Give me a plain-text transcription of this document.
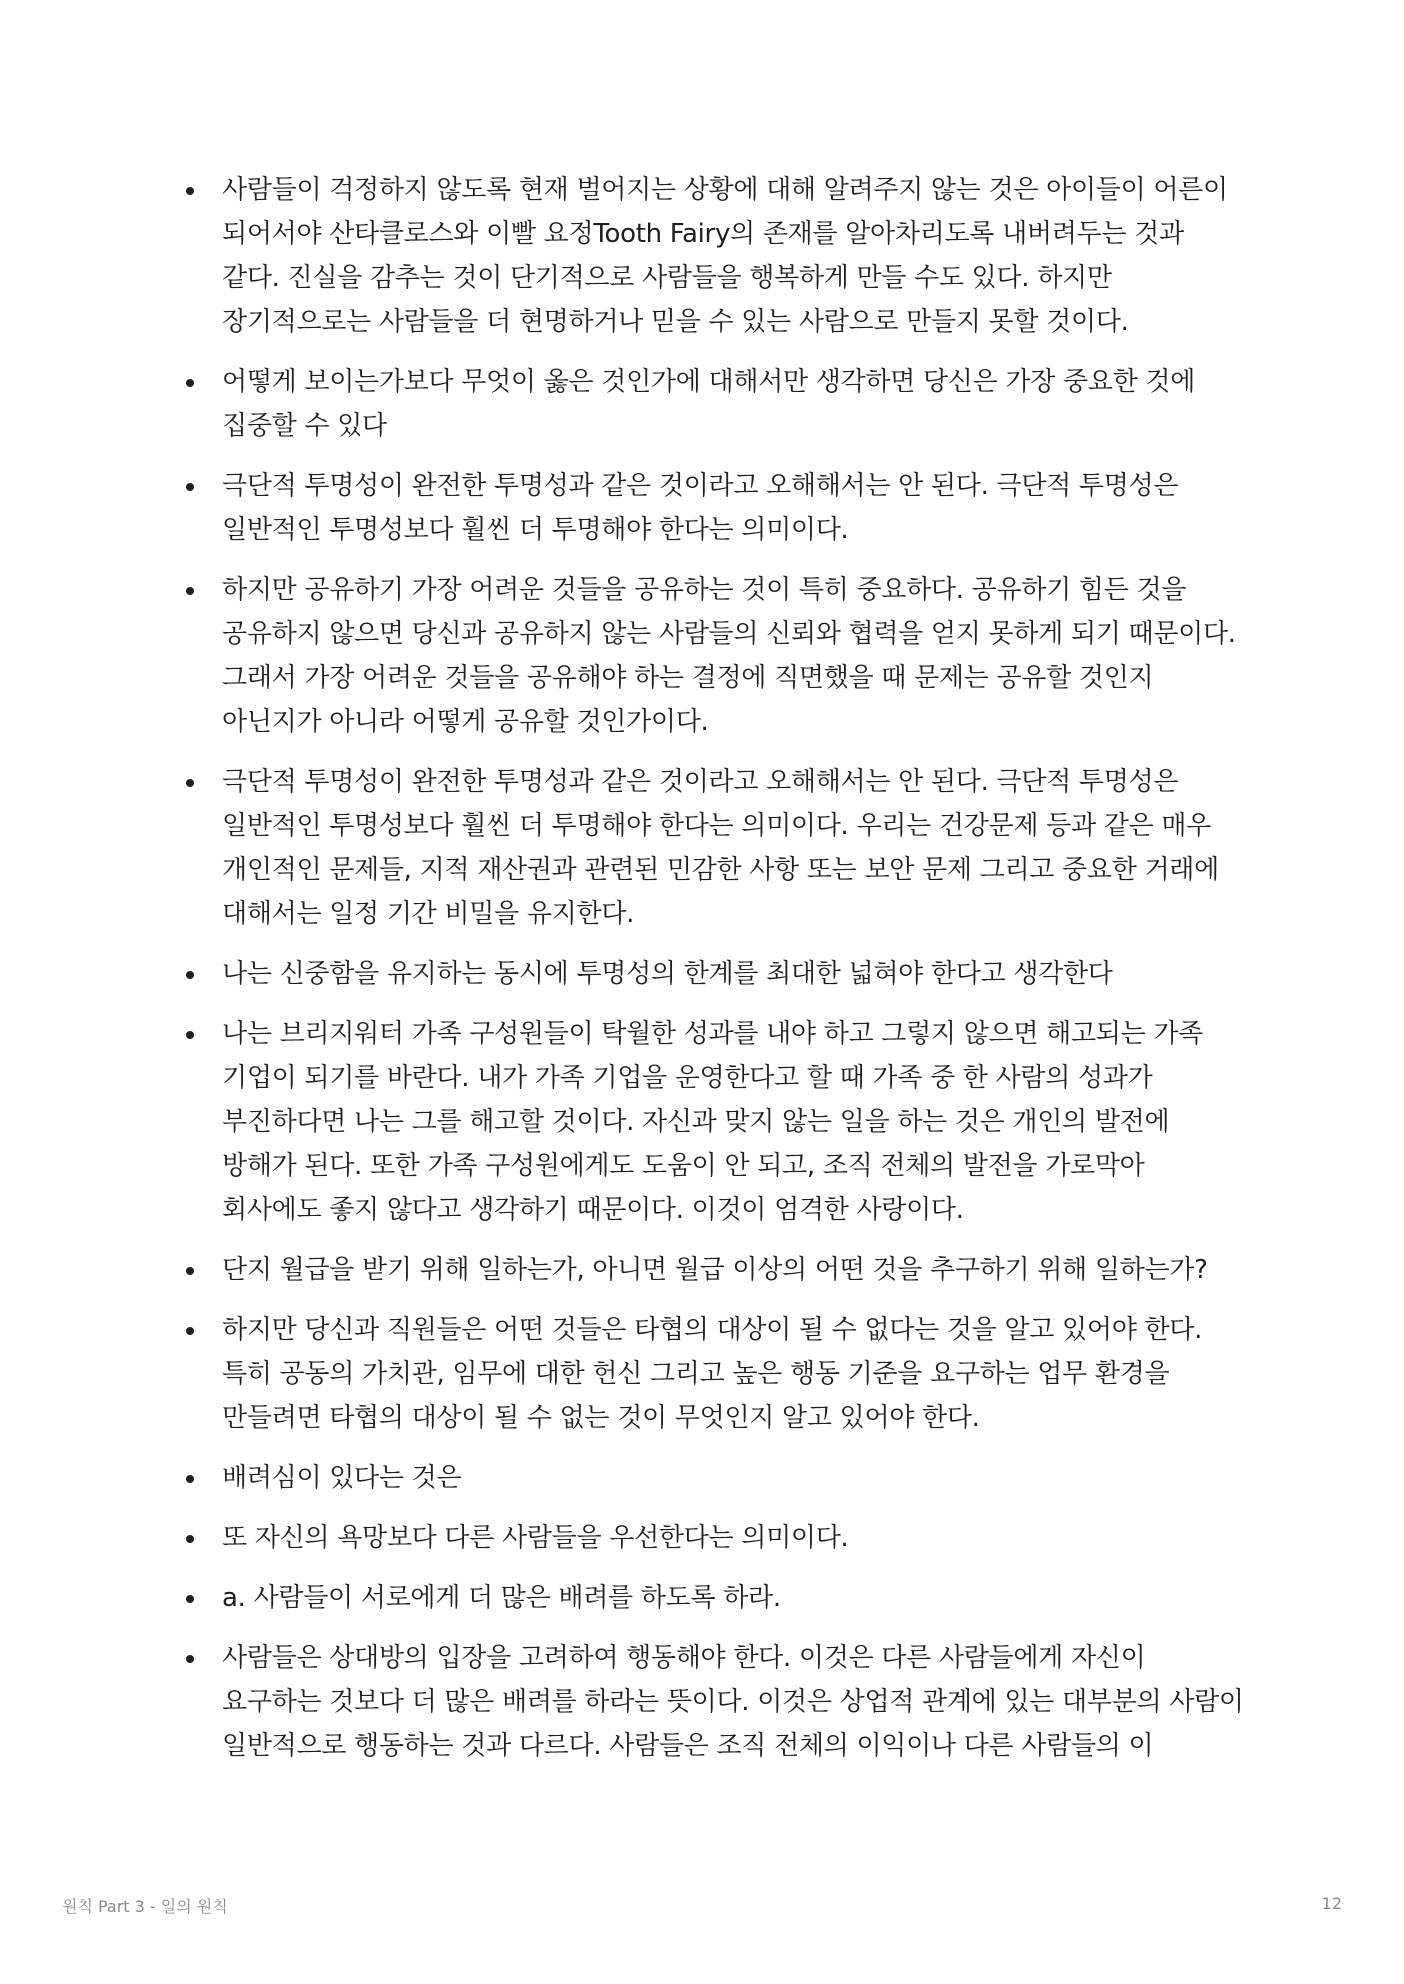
사람들이 걱정하지 않도록 현재 벌어지는 상황에 대해 알려주지 않는 것은 아이들이 어른이 되어서야 산타클로스와 이빨 요정Tooth Fairy의 존재를 알아차리도록 내버려두는 것과 같다. 진실을 감추는 것이 단기적으로 사람들을 행복하게 만들 수도 있다. 하지만 장기적으로는 사람들을 더 현명하거나 믿을 수 있는 사람으로 만들지 못할 것이다.
어떻게 보이는가보다 무엇이 옳은 것인가에 대해서만 생각하면 당신은 가장 중요한 것에 집중할 수 있다
극단적 투명성이 완전한 투명성과 같은 것이라고 오해해서는 안 된다. 극단적 투명성은 일반적인 투명성보다 훨씬 더 투명해야 한다는 의미이다.
하지만 공유하기 가장 어려운 것들을 공유하는 것이 특히 중요하다. 공유하기 힘든 것을 공유하지 않으면 당신과 공유하지 않는 사람들의 신뢰와 협력을 얻지 못하게 되기 때문이다. 그래서 가장 어려운 것들을 공유해야 하는 결정에 직면했을 때 문제는 공유할 것인지 아닌지가 아니라 어떻게 공유할 것인가이다.
극단적 투명성이 완전한 투명성과 같은 것이라고 오해해서는 안 된다. 극단적 투명성은 일반적인 투명성보다 훨씬 더 투명해야 한다는 의미이다. 우리는 건강문제 등과 같은 매우 개인적인 문제들, 지적 재산권과 관련된 민감한 사항 또는 보안 문제 그리고 중요한 거래에 대해서는 일정 기간 비밀을 유지한다.
나는 신중함을 유지하는 동시에 투명성의 한계를 최대한 넓혀야 한다고 생각한다
나는 브리지워터 가족 구성원들이 탁월한 성과를 내야 하고 그렇지 않으면 해고되는 가족 기업이 되기를 바란다. 내가 가족 기업을 운영한다고 할 때 가족 중 한 사람의 성과가 부진하다면 나는 그를 해고할 것이다. 자신과 맞지 않는 일을 하는 것은 개인의 발전에 방해가 된다. 또한 가족 구성원에게도 도움이 안 되고, 조직 전체의 발전을 가로막아 회사에도 좋지 않다고 생각하기 때문이다. 이것이 엄격한 사랑이다.
단지 월급을 받기 위해 일하는가, 아니면 월급 이상의 어떤 것을 추구하기 위해 일하는가?
하지만 당신과 직원들은 어떤 것들은 타협의 대상이 될 수 없다는 것을 알고 있어야 한다. 특히 공동의 가치관, 임무에 대한 헌신 그리고 높은 행동 기준을 요구하는 업무 환경을 만들려면 타협의 대상이 될 수 없는 것이 무엇인지 알고 있어야 한다.
배려심이 있다는 것은
또 자신의 욕망보다 다른 사람들을 우선한다는 의미이다.
a. 사람들이 서로에게 더 많은 배려를 하도록 하라.
사람들은 상대방의 입장을 고려하여 행동해야 한다. 이것은 다른 사람들에게 자신이 요구하는 것보다 더 많은 배려를 하라는 뜻이다. 이것은 상업적 관계에 있는 대부분의 사람이 일반적으로 행동하는 것과 다르다. 사람들은 조직 전체의 이익이나 다른 사람들의 이
원칙 Part 3 - 일의 원칙	12
